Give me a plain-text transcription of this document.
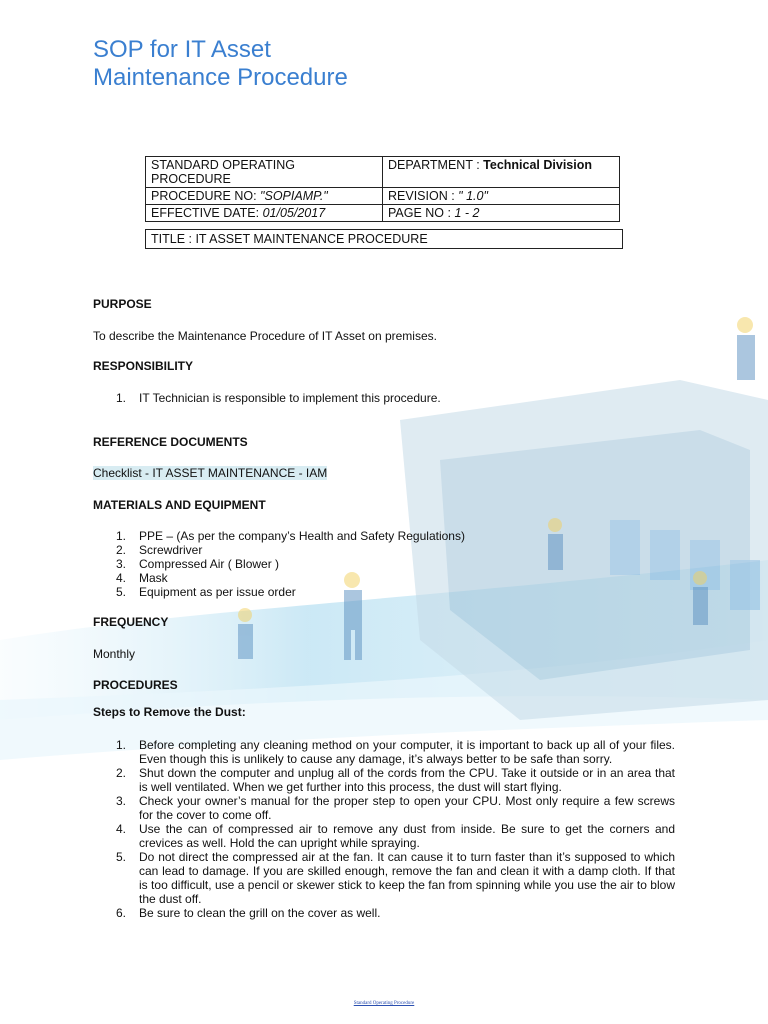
SOP for IT Asset
Maintenance Procedure
STANDARD OPERATING PROCEDURE	DEPARTMENT : Technical Division
PROCEDURE NO: "SOPIAMP."	REVISION : " 1.0"
EFFECTIVE DATE: 01/05/2017	PAGE NO : 1 - 2
TITLE : IT ASSET MAINTENANCE PROCEDURE
PURPOSE

To describe the Maintenance Procedure of IT Asset on premises.

RESPONSIBILITY
1. IT Technician is responsible to implement this procedure.
REFERENCE DOCUMENTS

Checklist - IT ASSET MAINTENANCE - IAM

MATERIALS AND EQUIPMENT
1. PPE – (As per the company’s Health and Safety Regulations)
2. Screwdriver
3. Compressed Air ( Blower )
4. Mask
5. Equipment as per issue order
FREQUENCY

Monthly

PROCEDURES
Steps to Remove the Dust:
1. Before completing any cleaning method on your computer, it is important to back up all of your files. Even though this is unlikely to cause any damage, it’s always better to be safe than sorry.
2. Shut down the computer and unplug all of the cords from the CPU. Take it outside or in an area that is well ventilated. When we get further into this process, the dust will start flying.
3. Check your owner’s manual for the proper step to open your CPU. Most only require a few screws for the cover to come off.
4. Use the can of compressed air to remove any dust from inside. Be sure to get the corners and crevices as well. Hold the can upright while spraying.
5. Do not direct the compressed air at the fan. It can cause it to turn faster than it’s supposed to which can lead to damage. If you are skilled enough, remove the fan and clean it with a damp cloth. If that is too difficult, use a pencil or skewer stick to keep the fan from spinning while you use the air to blow the dust off.
6. Be sure to clean the grill on the cover as well.
Standard Operating Procedure
